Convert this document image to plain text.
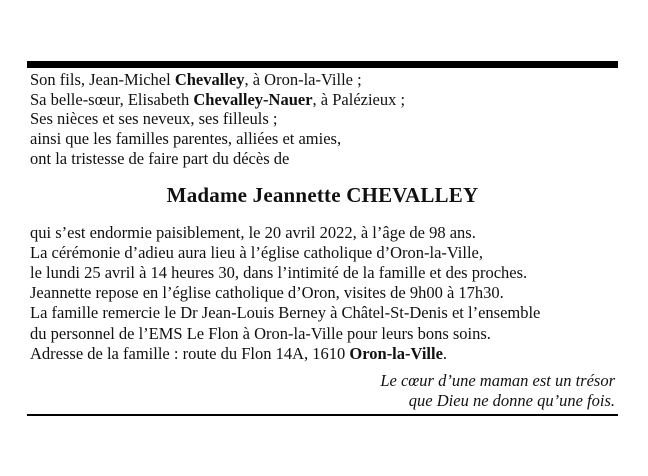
Son fils, Jean-Michel Chevalley, à Oron-la-Ville ;
Sa belle-sœur, Elisabeth Chevalley-Nauer, à Palézieux ;
Ses nièces et ses neveux, ses filleuls ;
ainsi que les familles parentes, alliées et amies,
ont la tristesse de faire part du décès de
Madame Jeannette CHEVALLEY
qui s’est endormie paisiblement, le 20 avril 2022, à l’âge de 98 ans.
La cérémonie d’adieu aura lieu à l’église catholique d’Oron-la-Ville,
le lundi 25 avril à 14 heures 30, dans l’intimité de la famille et des proches.
Jeannette repose en l’église catholique d’Oron, visites de 9h00 à 17h30.
La famille remercie le Dr Jean-Louis Berney à Châtel-St-Denis et l’ensemble
du personnel de l’EMS Le Flon à Oron-la-Ville pour leurs bons soins.
Adresse de la famille : route du Flon 14A, 1610 Oron-la-Ville.
Le cœur d’une maman est un trésor
que Dieu ne donne qu’une fois.
